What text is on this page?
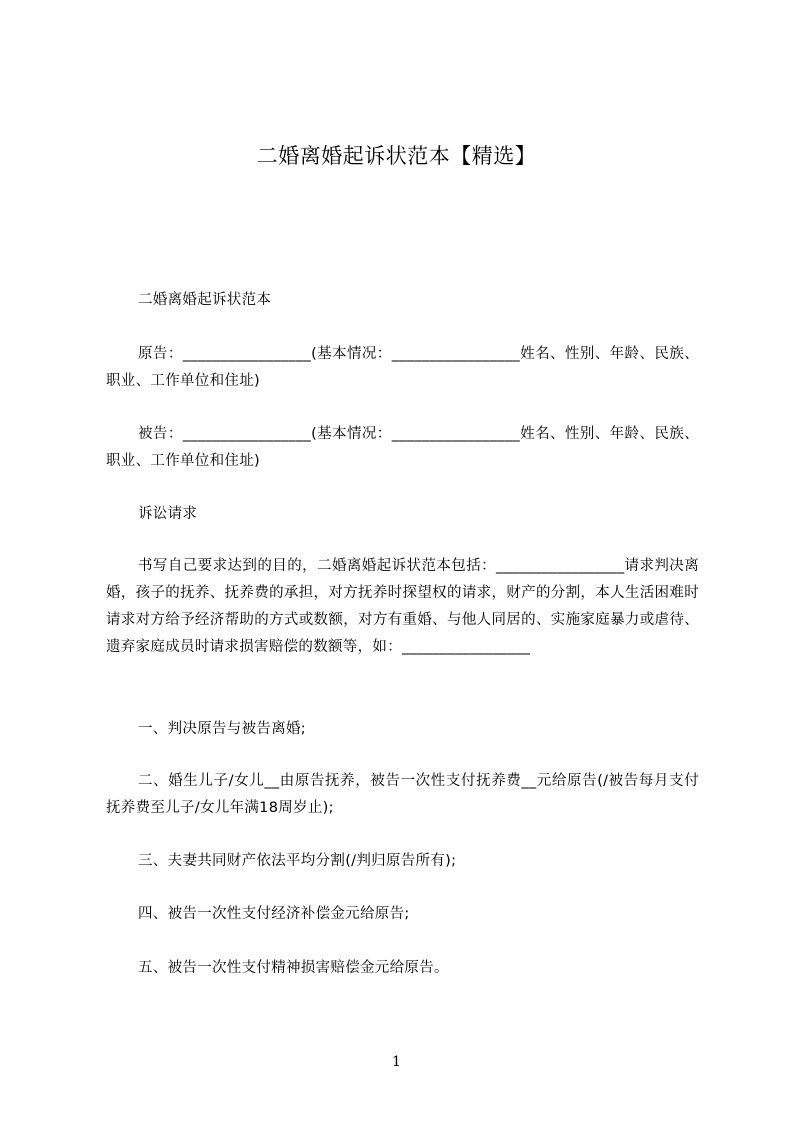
二婚离婚起诉状范本【精选】
二婚离婚起诉状范本
原告：_________________(基本情况：_________________姓名、性别、年龄、民族、职业、工作单位和住址)
被告：_________________(基本情况：_________________姓名、性别、年龄、民族、职业、工作单位和住址)
诉讼请求
书写自己要求达到的目的，二婚离婚起诉状范本包括：_________________请求判决离婚，孩子的抚养、抚养费的承担，对方抚养时探望权的请求，财产的分割，本人生活困难时请求对方给予经济帮助的方式或数额，对方有重婚、与他人同居的、实施家庭暴力或虐待、遗弃家庭成员时请求损害赔偿的数额等，如：_________________
一、判决原告与被告离婚;
二、婚生儿子/女儿__由原告抚养，被告一次性支付抚养费__元给原告(/被告每月支付抚养费至儿子/女儿年满18周岁止);
三、夫妻共同财产依法平均分割(/判归原告所有);
四、被告一次性支付经济补偿金元给原告;
五、被告一次性支付精神损害赔偿金元给原告。
1
